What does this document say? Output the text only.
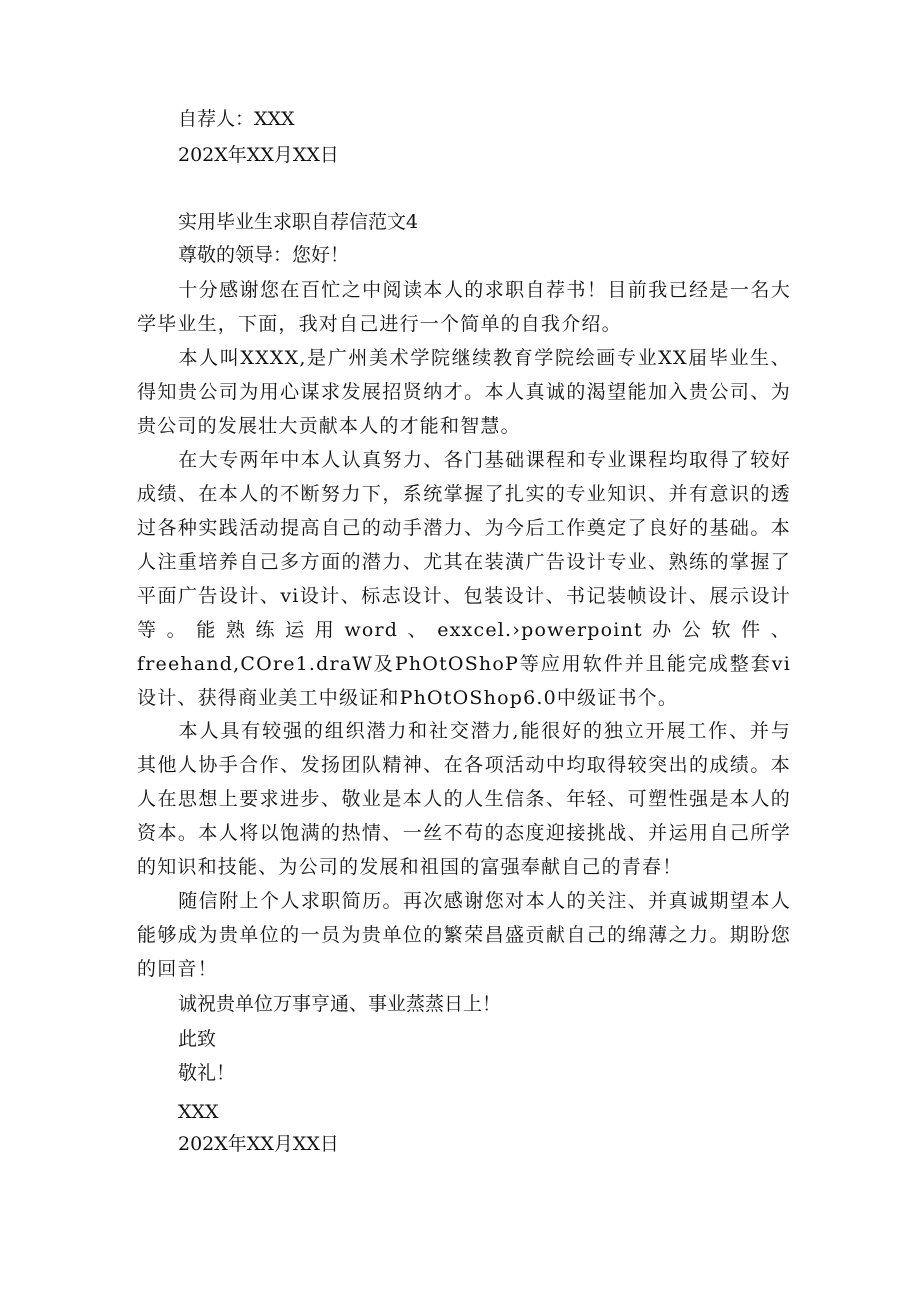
自荐人：XXX
202X年XX月XX日
实用毕业生求职自荐信范文4
尊敬的领导：您好！
十分感谢您在百忙之中阅读本人的求职自荐书！目前我已经是一名大学毕业生，下面，我对自己进行一个简单的自我介绍。
本人叫XXXX,是广州美术学院继续教育学院绘画专业XX届毕业生、得知贵公司为用心谋求发展招贤纳才。本人真诚的渴望能加入贵公司、为贵公司的发展壮大贡献本人的才能和智慧。
在大专两年中本人认真努力、各门基础课程和专业课程均取得了较好成绩、在本人的不断努力下，系统掌握了扎实的专业知识、并有意识的透过各种实践活动提高自己的动手潜力、为今后工作奠定了良好的基础。本人注重培养自己多方面的潜力、尤其在装潢广告设计专业、熟练的掌握了平面广告设计、vi设计、标志设计、包装设计、书记装帧设计、展示设计等。能熟练运用word、exxcel.›powerpoint办公软件、freehand,COre1.draW及PhOtOShoP等应用软件并且能完成整套vi设计、获得商业美工中级证和PhOtOShop6.0中级证书个。
本人具有较强的组织潜力和社交潜力,能很好的独立开展工作、并与其他人协手合作、发扬团队精神、在各项活动中均取得较突出的成绩。本人在思想上要求进步、敬业是本人的人生信条、年轻、可塑性强是本人的资本。本人将以饱满的热情、一丝不苟的态度迎接挑战、并运用自己所学的知识和技能、为公司的发展和祖国的富强奉献自己的青春！
随信附上个人求职简历。再次感谢您对本人的关注、并真诚期望本人能够成为贵单位的一员为贵单位的繁荣昌盛贡献自己的绵薄之力。期盼您的回音！
诚祝贵单位万事亨通、事业蒸蒸日上！
此致
敬礼！
XXX
202X年XX月XX日
